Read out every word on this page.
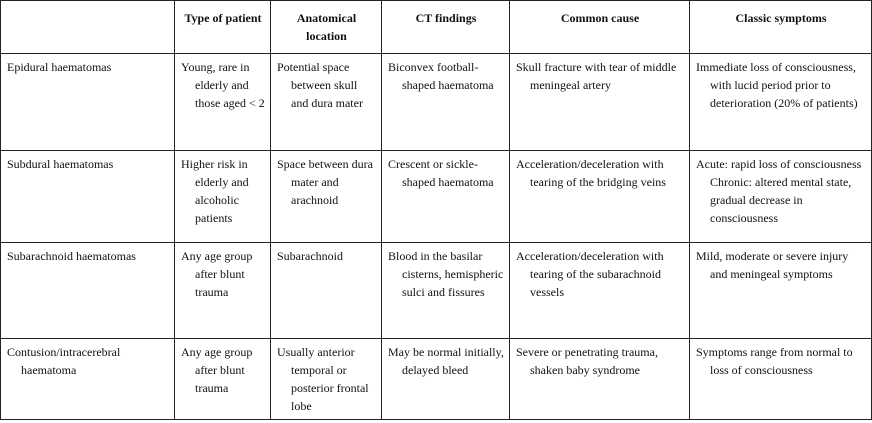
	Type of patient	Anatomical location	CT findings	Common cause	Classic symptoms

Epidural haematomas	Young, rare in elderly and those aged < 2	Potential space between skull and dura mater	Biconvex football-shaped haematoma	Skull fracture with tear of middle meningeal artery	Immediate loss of consciousness, with lucid period prior to deterioration (20% of patients)

Subdural haematomas	Higher risk in elderly and alcoholic patients	Space between dura mater and arachnoid	Crescent or sickle-shaped haematoma	Acceleration/deceleration with tearing of the bridging veins	Acute: rapid loss of consciousness Chronic: altered mental state, gradual decrease in consciousness

Subarachnoid haematomas	Any age group after blunt trauma	Subarachnoid	Blood in the basilar cisterns, hemispheric sulci and fissures	Acceleration/deceleration with tearing of the subarachnoid vessels	Mild, moderate or severe injury and meningeal symptoms

Contusion/intracerebral haematoma	Any age group after blunt trauma	Usually anterior temporal or posterior frontal lobe	May be normal initially, delayed bleed	Severe or penetrating trauma, shaken baby syndrome	Symptoms range from normal to loss of consciousness
